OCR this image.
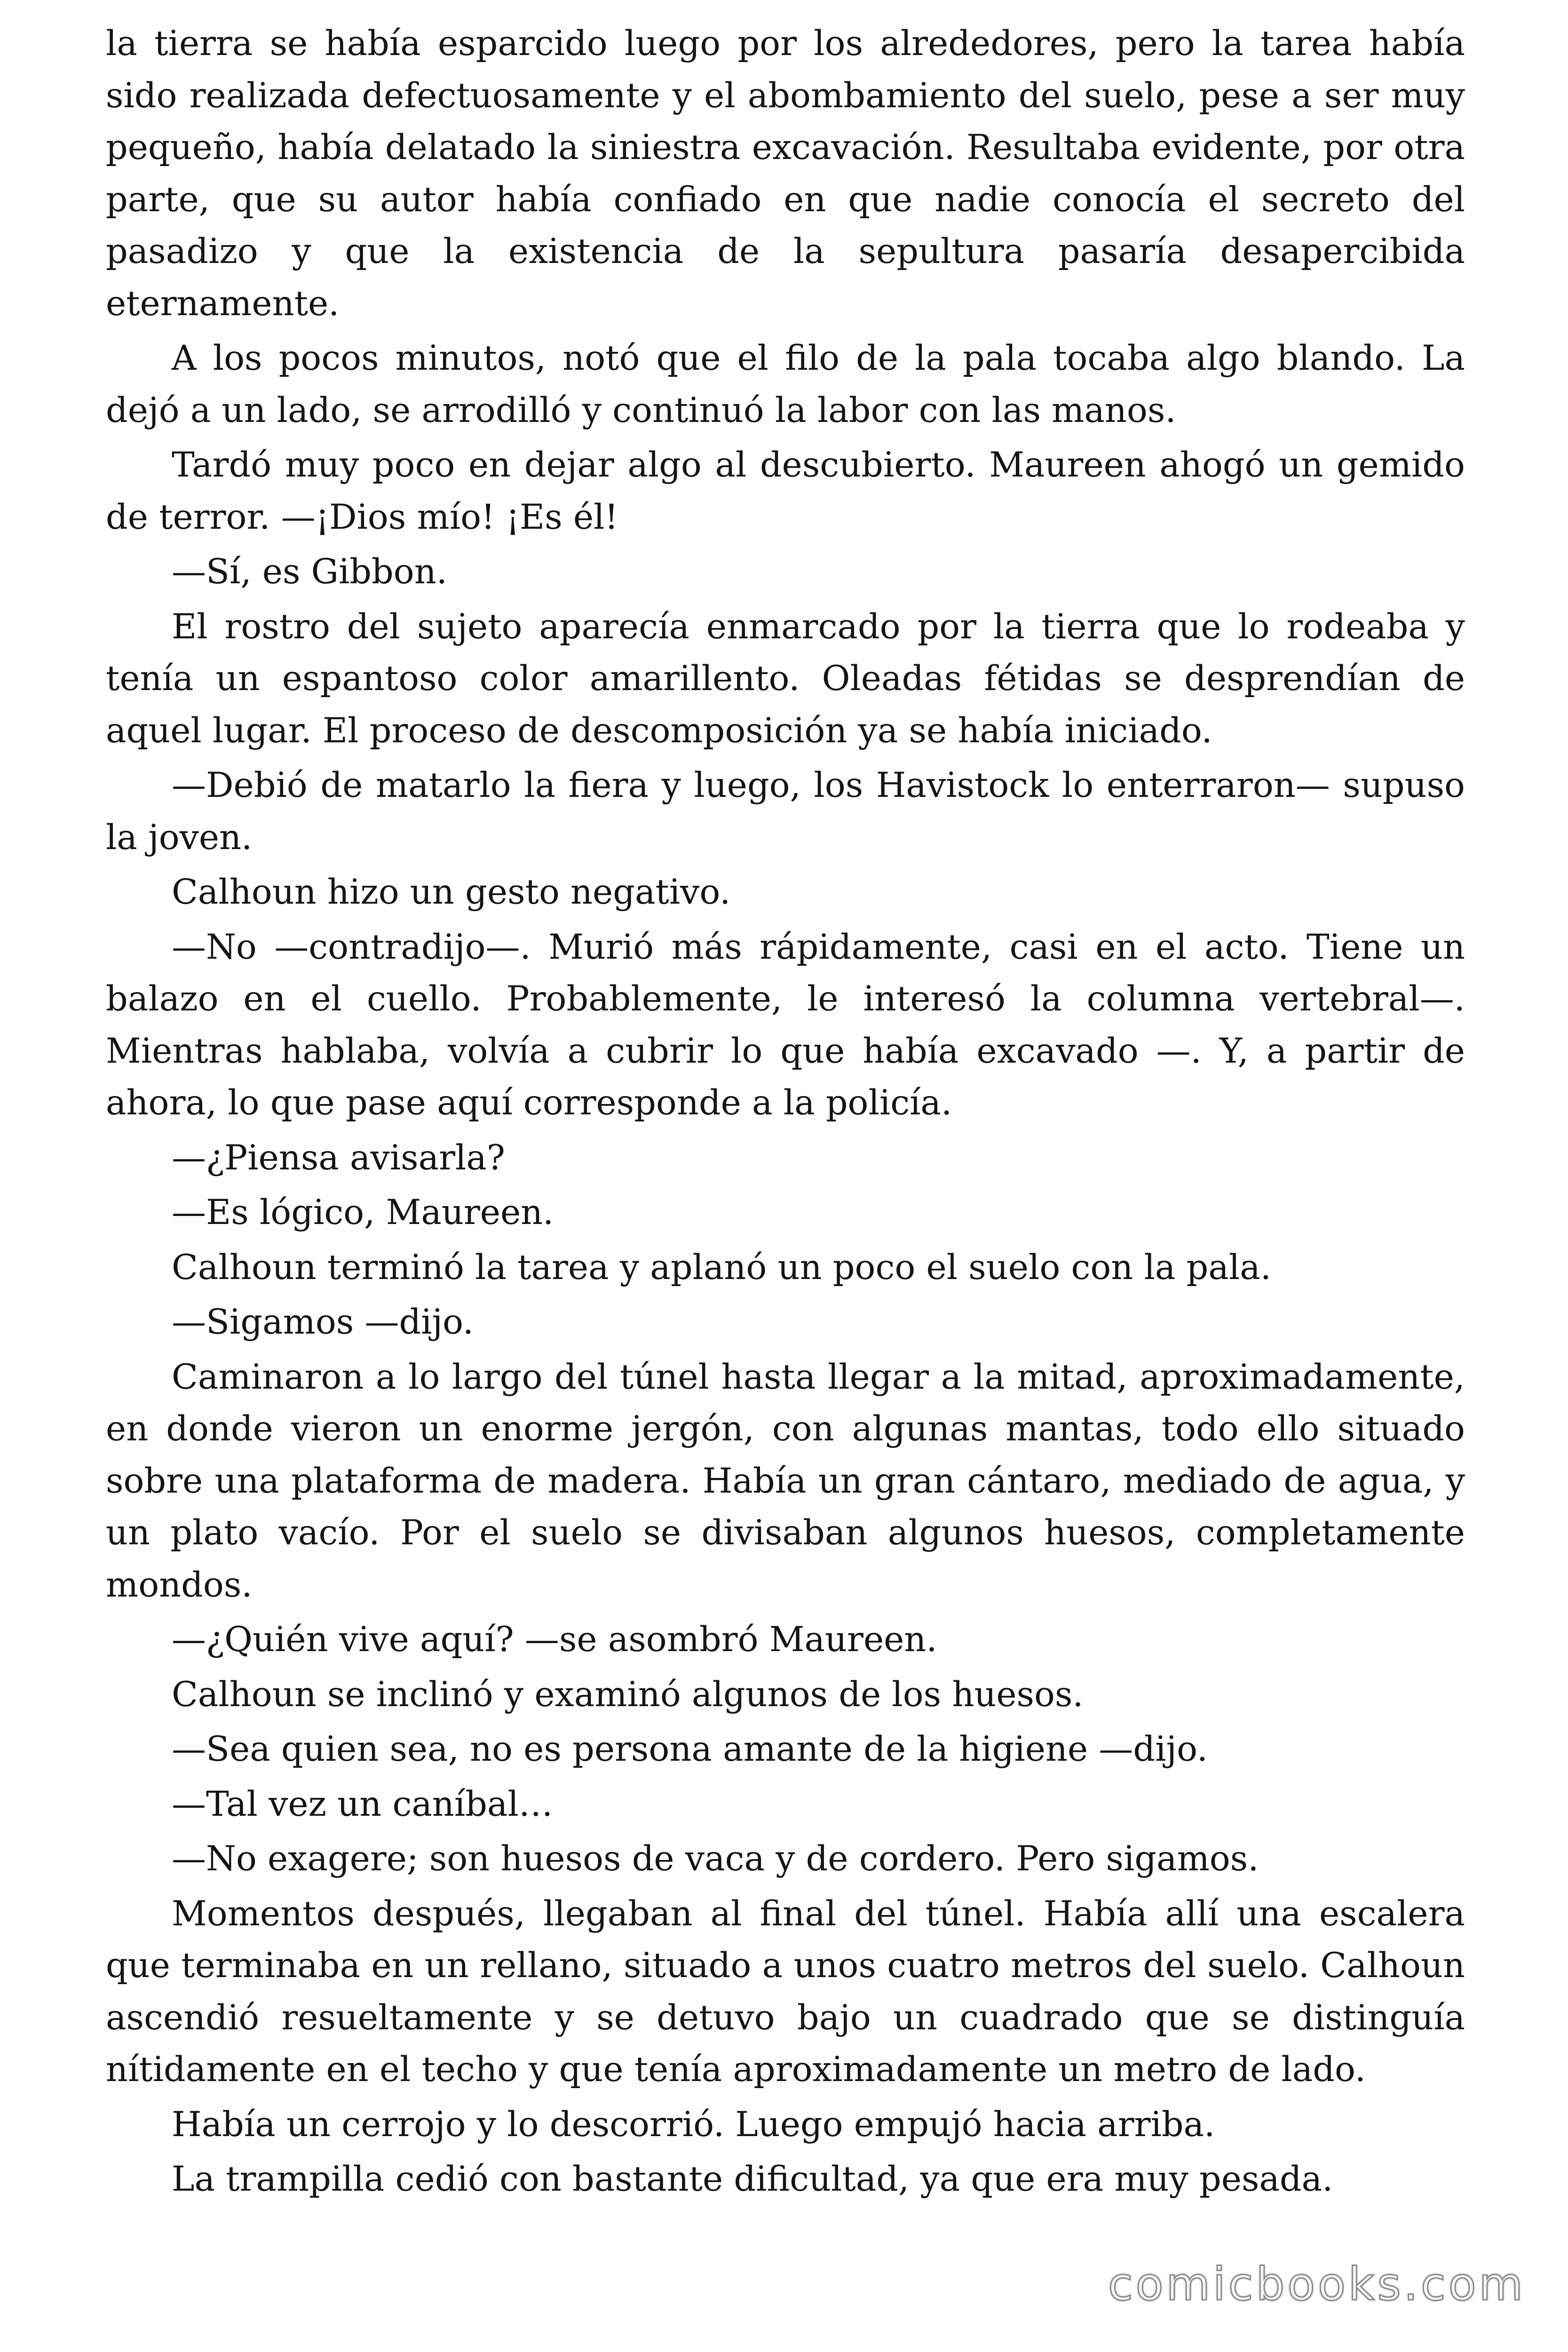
la tierra se había esparcido luego por los alrededores, pero la tarea había sido realizada defectuosamente y el abombamiento del suelo, pese a ser muy pequeño, había delatado la siniestra excavación. Resultaba evidente, por otra parte, que su autor había confiado en que nadie conocía el secreto del pasadizo y que la existencia de la sepultura pasaría desapercibida eternamente.

A los pocos minutos, notó que el filo de la pala tocaba algo blando. La dejó a un lado, se arrodilló y continuó la labor con las manos.

Tardó muy poco en dejar algo al descubierto. Maureen ahogó un gemido de terror. —¡Dios mío! ¡Es él!

—Sí, es Gibbon.

El rostro del sujeto aparecía enmarcado por la tierra que lo rodeaba y tenía un espantoso color amarillento. Oleadas fétidas se desprendían de aquel lugar. El proceso de descomposición ya se había iniciado.

—Debió de matarlo la fiera y luego, los Havistock lo enterraron— supuso la joven.

Calhoun hizo un gesto negativo.

—No —contradijo—. Murió más rápidamente, casi en el acto. Tiene un balazo en el cuello. Probablemente, le interesó la columna vertebral—. Mientras hablaba, volvía a cubrir lo que había excavado —. Y, a partir de ahora, lo que pase aquí corresponde a la policía.

—¿Piensa avisarla?

—Es lógico, Maureen.

Calhoun terminó la tarea y aplanó un poco el suelo con la pala.

—Sigamos —dijo.

Caminaron a lo largo del túnel hasta llegar a la mitad, aproximadamente, en donde vieron un enorme jergón, con algunas mantas, todo ello situado sobre una plataforma de madera. Había un gran cántaro, mediado de agua, y un plato vacío. Por el suelo se divisaban algunos huesos, completamente mondos.

—¿Quién vive aquí? —se asombró Maureen.

Calhoun se inclinó y examinó algunos de los huesos.

—Sea quien sea, no es persona amante de la higiene —dijo.

—Tal vez un caníbal…

—No exagere; son huesos de vaca y de cordero. Pero sigamos.

Momentos después, llegaban al final del túnel. Había allí una escalera que terminaba en un rellano, situado a unos cuatro metros del suelo. Calhoun ascendió resueltamente y se detuvo bajo un cuadrado que se distinguía nítidamente en el techo y que tenía aproximadamente un metro de lado.

Había un cerrojo y lo descorrió. Luego empujó hacia arriba.

La trampilla cedió con bastante dificultad, ya que era muy pesada.

comicbooks.com
